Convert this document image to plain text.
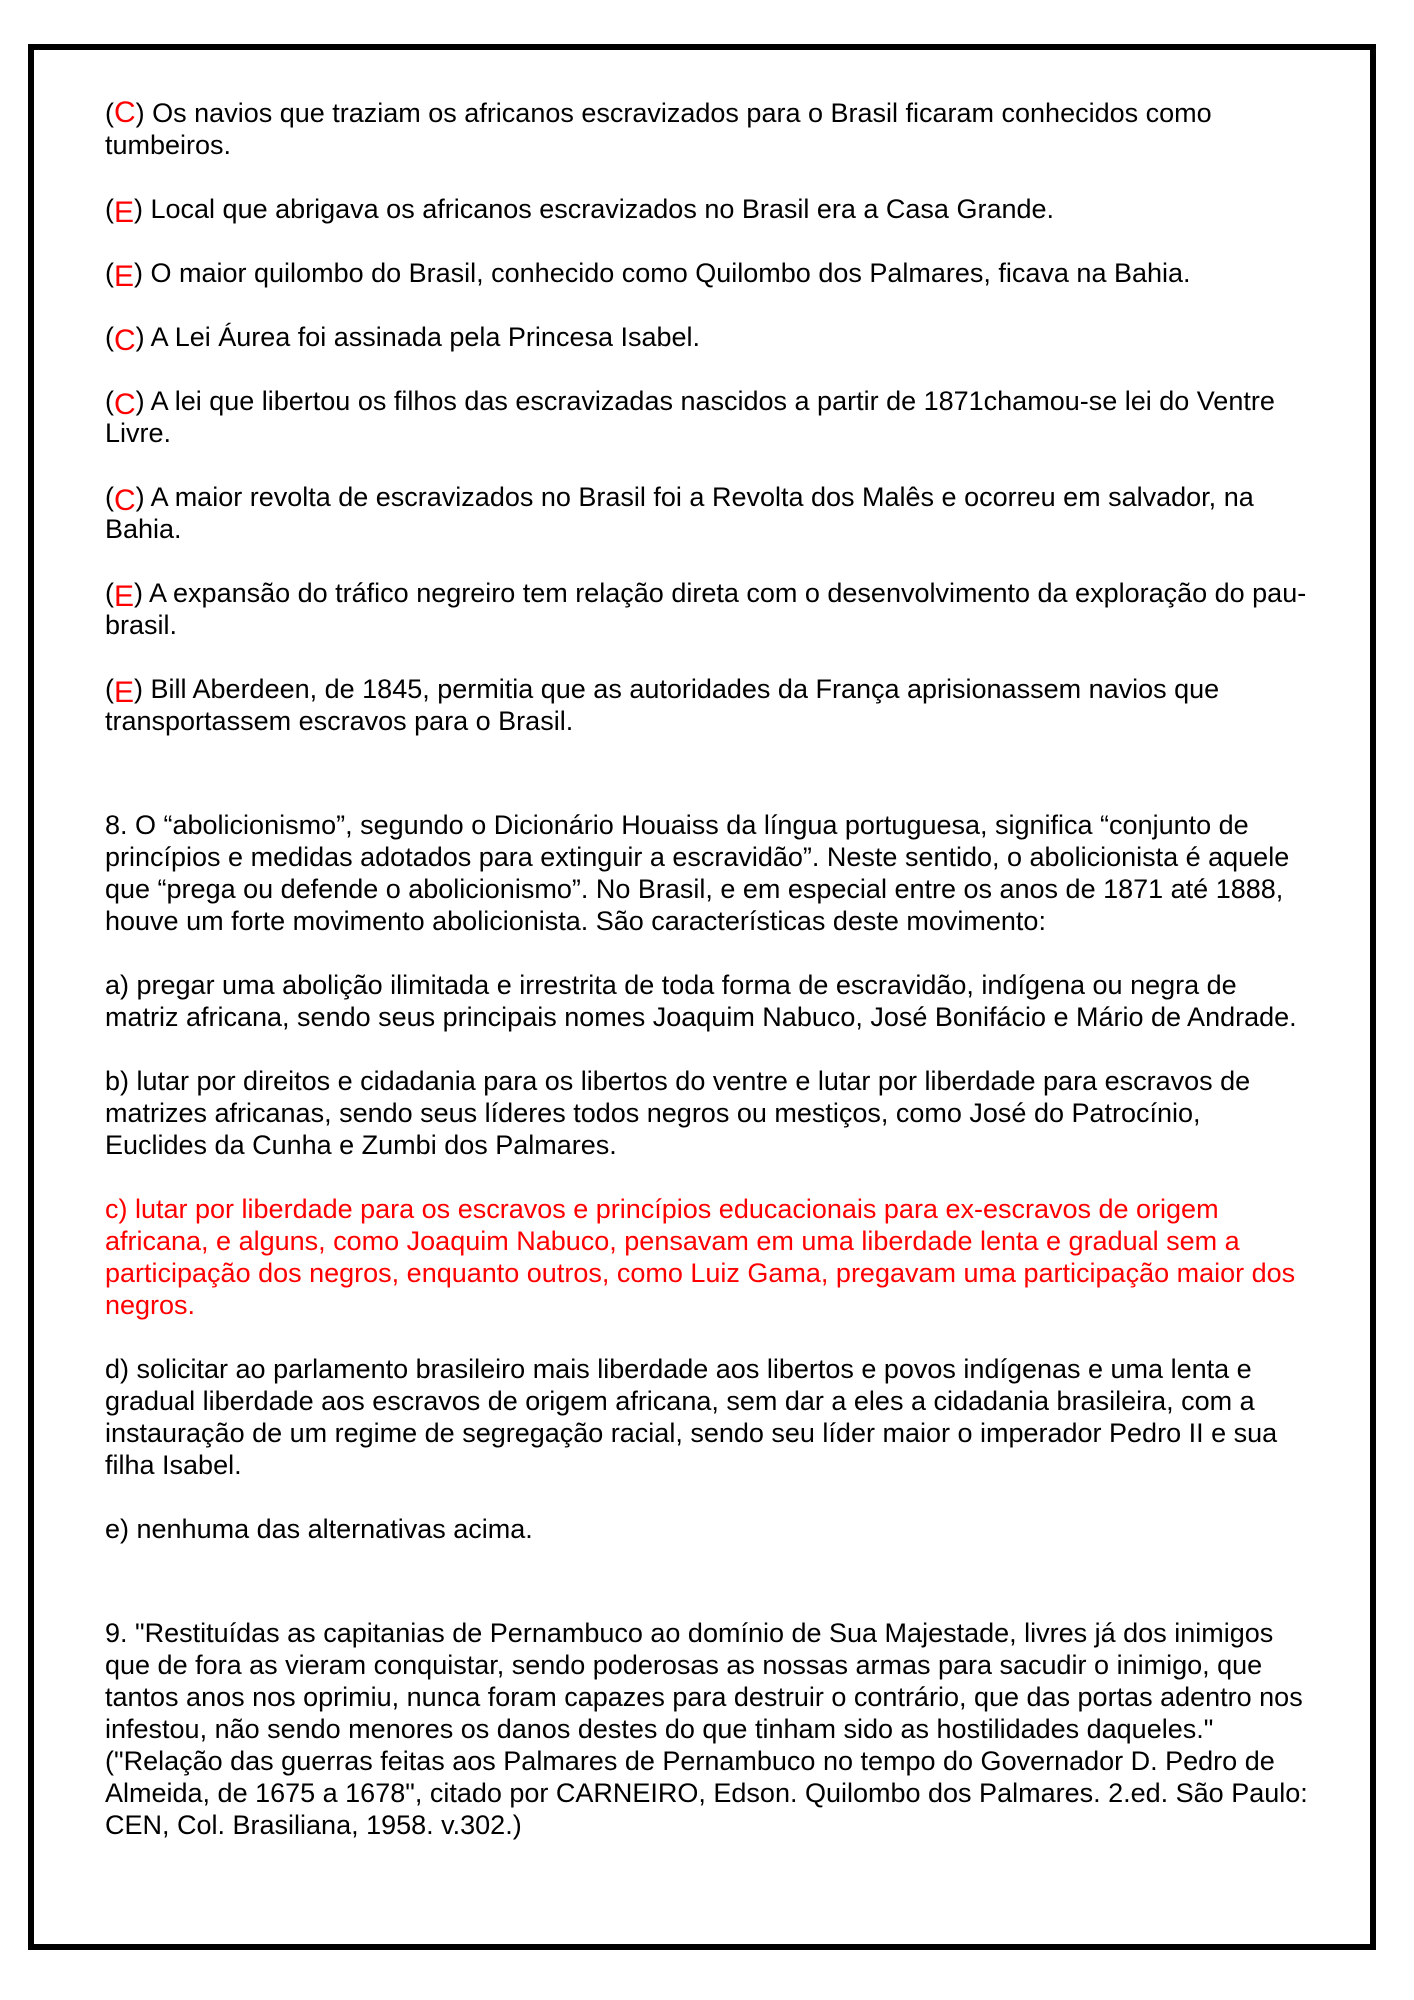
(C) Os navios que traziam os africanos escravizados para o Brasil ficaram conhecidos como tumbeiros.

(E) Local que abrigava os africanos escravizados no Brasil era a Casa Grande.

(E) O maior quilombo do Brasil, conhecido como Quilombo dos Palmares, ficava na Bahia.

(C) A Lei Áurea foi assinada pela Princesa Isabel.

(C) A lei que libertou os filhos das escravizadas nascidos a partir de 1871chamou-se lei do Ventre Livre.

(C) A maior revolta de escravizados no Brasil foi a Revolta dos Malês e ocorreu em salvador, na Bahia.

(E) A expansão do tráfico negreiro tem relação direta com o desenvolvimento da exploração do pau-brasil.

(E) Bill Aberdeen, de 1845, permitia que as autoridades da França aprisionassem navios que transportassem escravos para o Brasil.

8. O “abolicionismo”, segundo o Dicionário Houaiss da língua portuguesa, significa “conjunto de princípios e medidas adotados para extinguir a escravidão”. Neste sentido, o abolicionista é aquele que “prega ou defende o abolicionismo”. No Brasil, e em especial entre os anos de 1871 até 1888, houve um forte movimento abolicionista. São características deste movimento:

a) pregar uma abolição ilimitada e irrestrita de toda forma de escravidão, indígena ou negra de matriz africana, sendo seus principais nomes Joaquim Nabuco, José Bonifácio e Mário de Andrade.

b) lutar por direitos e cidadania para os libertos do ventre e lutar por liberdade para escravos de matrizes africanas, sendo seus líderes todos negros ou mestiços, como José do Patrocínio, Euclides da Cunha e Zumbi dos Palmares.

c) lutar por liberdade para os escravos e princípios educacionais para ex-escravos de origem africana, e alguns, como Joaquim Nabuco, pensavam em uma liberdade lenta e gradual sem a participação dos negros, enquanto outros, como Luiz Gama, pregavam uma participação maior dos negros.

d) solicitar ao parlamento brasileiro mais liberdade aos libertos e povos indígenas e uma lenta e gradual liberdade aos escravos de origem africana, sem dar a eles a cidadania brasileira, com a instauração de um regime de segregação racial, sendo seu líder maior o imperador Pedro II e sua filha Isabel.

e) nenhuma das alternativas acima.

9. "Restituídas as capitanias de Pernambuco ao domínio de Sua Majestade, livres já dos inimigos que de fora as vieram conquistar, sendo poderosas as nossas armas para sacudir o inimigo, que tantos anos nos oprimiu, nunca foram capazes para destruir o contrário, que das portas adentro nos infestou, não sendo menores os danos destes do que tinham sido as hostilidades daqueles."

("Relação das guerras feitas aos Palmares de Pernambuco no tempo do Governador D. Pedro de Almeida, de 1675 a 1678", citado por CARNEIRO, Edson. Quilombo dos Palmares. 2.ed. São Paulo: CEN, Col. Brasiliana, 1958. v.302.)
